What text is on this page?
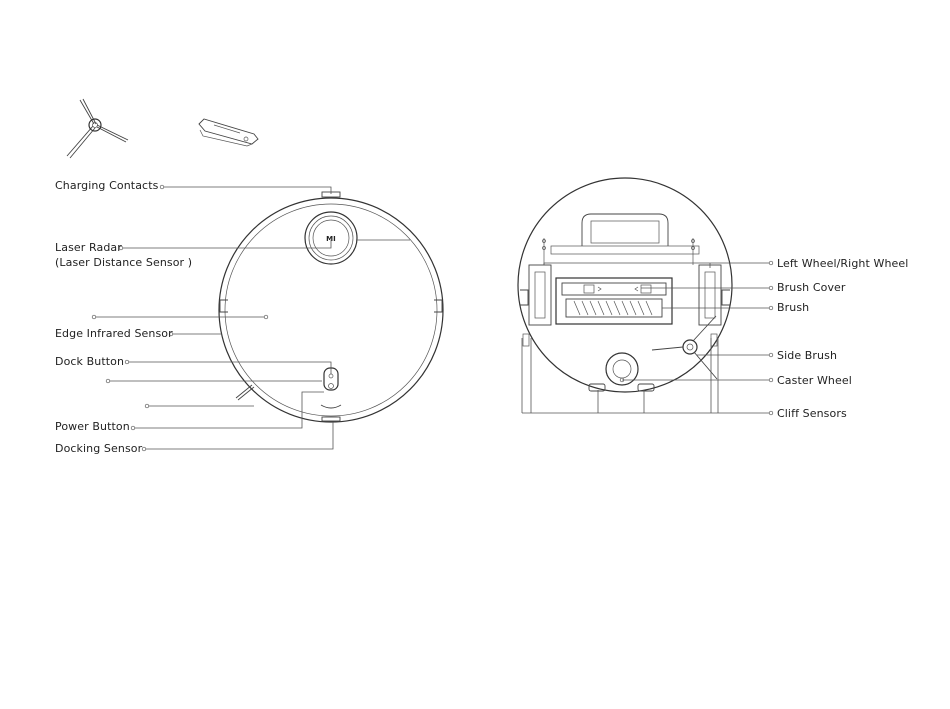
MI
Charging Contacts
Laser Radar
(Laser Distance Sensor )
Edge Infrared Sensor
Dock Button
Power Button
Docking Sensor
Left Wheel/Right Wheel
Brush Cover
Brush
Side Brush
Caster Wheel
Cliff Sensors
